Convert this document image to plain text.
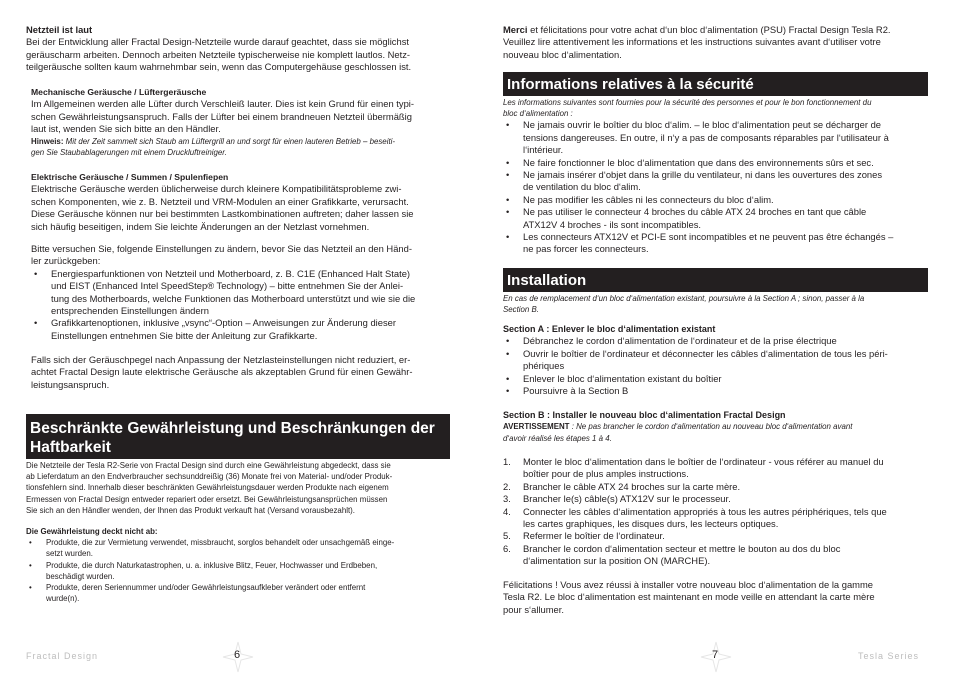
Netzteil ist laut

Bei der Entwicklung aller Fractal Design-Netzteile wurde darauf geachtet, dass sie möglichst

geräuscharm arbeiten. Dennoch arbeiten Netzteile typischerweise nie komplett lautlos. Netz-

teilgeräusche sollten kaum wahrnehmbar sein, wenn das Computergehäuse geschlossen ist.

Mechanische Geräusche / Lüftergeräusche

Im Allgemeinen werden alle Lüfter durch Verschleiß lauter. Dies ist kein Grund für einen typi-

schen Gewährleistungsanspruch. Falls der Lüfter bei einem brandneuen Netzteil übermäßig

laut ist, wenden Sie sich bitte an den Händler.

Hinweis: Mit der Zeit sammelt sich Staub am Lüftergrill an und sorgt für einen lauteren Betrieb – beseiti-

gen Sie Staubablagerungen mit einem Druckluftreiniger.

Elektrische Geräusche / Summen / Spulenfiepen

Elektrische Geräusche werden üblicherweise durch kleinere Kompatibilitätsprobleme zwi-

schen Komponenten, wie z. B. Netzteil und VRM-Modulen an einer Grafikkarte, verursacht.

Diese Geräusche können nur bei bestimmten Lastkombinationen auftreten; daher lassen sie

sich häufig beseitigen, indem Sie leichte Änderungen an der Netzlast vornehmen.

Bitte versuchen Sie, folgende Einstellungen zu ändern, bevor Sie das Netzteil an den Händ-

ler zurückgeben:

• Energiesparfunktionen von Netzteil und Motherboard, z. B. C1E (Enhanced Halt State)
und EIST (Enhanced Intel SpeedStep® Technology) – bitte entnehmen Sie der Anlei-
tung des Motherboards, welche Funktionen das Motherboard unterstützt und wie sie die
entsprechenden Einstellungen ändern
• Grafikkartenoptionen, inklusive „vsync“-Option – Anweisungen zur Änderung dieser
Einstellungen entnehmen Sie bitte der Anleitung zur Grafikkarte.

Falls sich der Geräuschpegel nach Anpassung der Netzlasteinstellungen nicht reduziert, er-

achtet Fractal Design laute elektrische Geräusche als akzeptablen Grund für einen Gewähr-

leistungsanspruch.

Beschränkte Gewährleistung und Beschränkungen der
Haftbarkeit

Die Netzteile der Tesla R2-Serie von Fractal Design sind durch eine Gewährleistung abgedeckt, dass sie

ab Lieferdatum an den Endverbraucher sechsunddreißig (36) Monate frei von Material- und/oder Produk-

tionsfehlern sind. Innerhalb dieser beschränkten Gewährleistungsdauer werden Produkte nach eigenem

Ermessen von Fractal Design entweder repariert oder ersetzt. Bei Gewährleistungsansprüchen müssen

Sie sich an den Händler wenden, der Ihnen das Produkt verkauft hat (Versand vorausbezahlt).

Die Gewährleistung deckt nicht ab:

• Produkte, die zur Vermietung verwendet, missbraucht, sorglos behandelt oder unsachgemäß einge-
setzt wurden.
• Produkte, die durch Naturkatastrophen, u. a. inklusive Blitz, Feuer, Hochwasser und Erdbeben,
beschädigt wurden.
• Produkte, deren Seriennummer und/oder Gewährleistungsaufkleber verändert oder entfernt
wurde(n).

Merci et félicitations pour votre achat d‘un bloc d‘alimentation (PSU) Fractal Design Tesla R2.

Veuillez lire attentivement les informations et les instructions suivantes avant d‘utiliser votre

nouveau bloc d‘alimentation.

Informations relatives à la sécurité

Les informations suivantes sont fournies pour la sécurité des personnes et pour le bon fonctionnement du

bloc d‘alimentation :

• Ne jamais ouvrir le boîtier du bloc d‘alim. – le bloc d‘alimentation peut se décharger de
tensions dangereuses. En outre, il n‘y a pas de composants réparables par l‘utilisateur à
l‘intérieur.
• Ne faire fonctionner le bloc d‘alimentation que dans des environnements sûrs et sec.
• Ne jamais insérer d‘objet dans la grille du ventilateur, ni dans les ouvertures des zones
de ventilation du bloc d‘alim.
• Ne pas modifier les câbles ni les connecteurs du bloc d‘alim.
• Ne pas utiliser le connecteur 4 broches du câble ATX 24 broches en tant que câble
ATX12V 4 broches - ils sont incompatibles.
• Les connecteurs ATX12V et PCI-E sont incompatibles et ne peuvent pas être échangés –
ne pas forcer les connecteurs.
Installation

En cas de remplacement d‘un bloc d‘alimentation existant, poursuivre à la Section A ; sinon, passer à la

Section B.

Section A : Enlever le bloc d‘alimentation existant

• Débranchez le cordon d‘alimentation de l‘ordinateur et de la prise électrique
• Ouvrir le boîtier de l‘ordinateur et déconnecter les câbles d‘alimentation de tous les péri-
phériques
• Enlever le bloc d‘alimentation existant du boîtier
• Poursuivre à la Section B

Section B : Installer le nouveau bloc d‘alimentation Fractal Design

AVERTISSEMENT : Ne pas brancher le cordon d‘alimentation au nouveau bloc d‘alimentation avant

d‘avoir réalisé les étapes 1 à 4.

1. Monter le bloc d‘alimentation dans le boîtier de l‘ordinateur - vous référer au manuel du
boîtier pour de plus amples instructions.
2. Brancher le câble ATX 24 broches sur la carte mère.
3. Brancher le(s) câble(s) ATX12V sur le processeur.
4. Connecter les câbles d‘alimentation appropriés à tous les autres périphériques, tels que
les cartes graphiques, les disques durs, les lecteurs optiques.
5. Refermer le boîtier de l‘ordinateur.
6. Brancher le cordon d‘alimentation secteur et mettre le bouton au dos du bloc
d‘alimentation sur la position ON (MARCHE).

Félicitations ! Vous avez réussi à installer votre nouveau bloc d‘alimentation de la gamme

Tesla R2. Le bloc d‘alimentation est maintenant en mode veille en attendant la carte mère

pour s‘allumer.

Fractal Design	6	7	Tesla Series
